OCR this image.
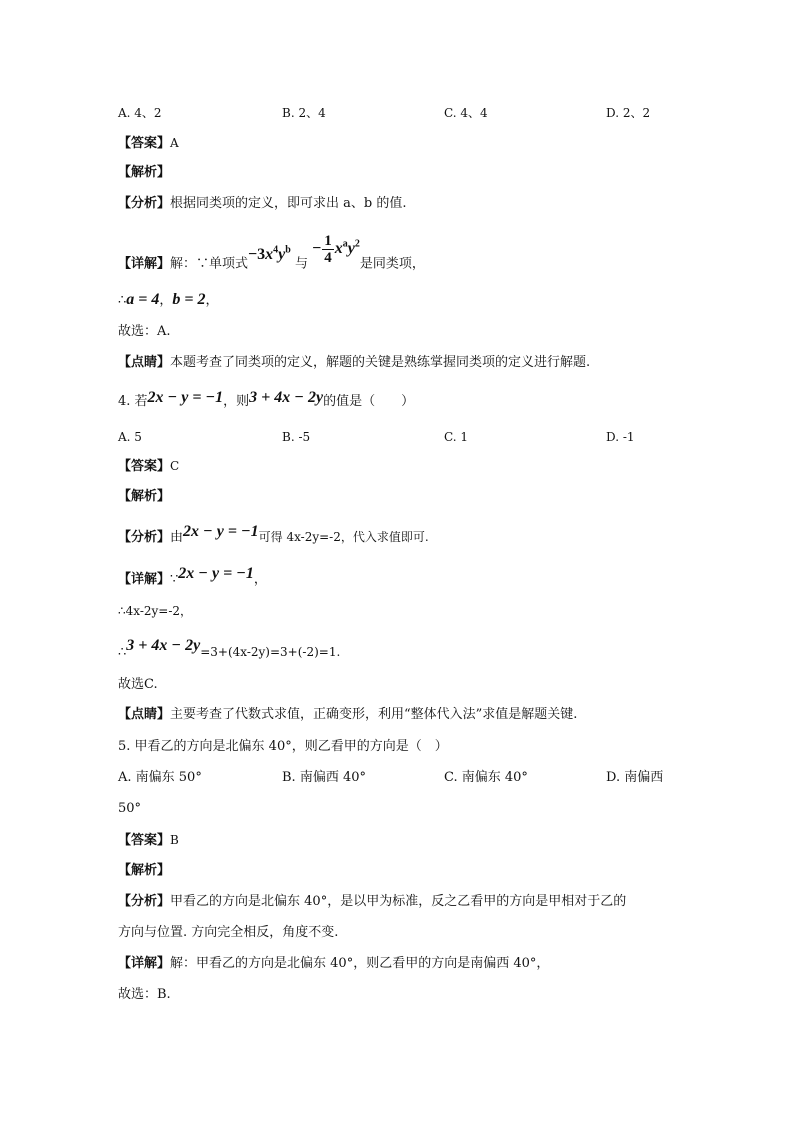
A. 4、2	B. 2、4	C. 4、4	D. 2、2
【答案】A
【解析】
【分析】根据同类项的定义，即可求出 a、b 的值.
【详解】解：∵单项式$-3x^4y^b$ 与 − $\frac{1}{4} x^ay^2$是同类项，
∴a = 4，b = 2，
故选：A.
【点睛】本题考查了同类项的定义，解题的关键是熟练掌握同类项的定义进行解题.
4. 若2x − y = −1，则3 + 4x − 2y的值是（　　）
A. 5	B. -5	C. 1	D. -1
【答案】C
【解析】
【分析】由2x − y = −1可得 4x-2y=-2，代入求值即可.
【详解】∵2x − y = −1，
∴4x-2y=-2，
∴3 + 4x − 2y=3+(4x-2y)=3+(-2)=1.
故选C.
【点睛】主要考查了代数式求值，正确变形，利用“整体代入法”求值是解题关键.
5. 甲看乙的方向是北偏东 40°，则乙看甲的方向是（　）
A. 南偏东 50°	B. 南偏西 40°	C. 南偏东 40°	D. 南偏西
50°
【答案】B
【解析】
【分析】甲看乙的方向是北偏东 40°，是以甲为标准，反之乙看甲的方向是甲相对于乙的
方向与位置. 方向完全相反，角度不变.
【详解】解：甲看乙的方向是北偏东 40°，则乙看甲的方向是南偏西 40°，
故选：B.
